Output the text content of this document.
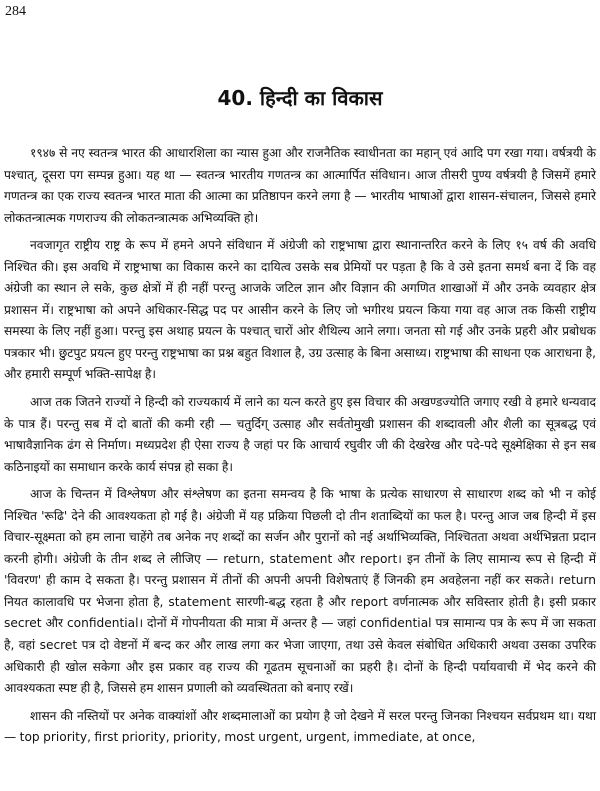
284
40. हिन्दी का विकास

१९४७ से नए स्वतन्त्र भारत की आधारशिला का न्यास हुआ और राजनैतिक स्वाधीनता का महान् एवं आदि पग रखा गया। वर्षत्रयी के पश्चात्, दूसरा पग सम्पन्न हुआ। यह था — स्वतन्त्र भारतीय गणतन्त्र का आत्मार्पित संविधान। आज तीसरी पुण्य वर्षत्रयी है जिसमें हमारे गणतन्त्र का एक राज्य स्वतन्त्र भारत माता की आत्मा का प्रतिष्ठापन करने लगा है — भारतीय भाषाओं द्वारा शासन-संचालन, जिससे हमारे लोकतन्त्रात्मक गणराज्य की लोकतन्त्रात्मक अभिव्यक्ति हो।

नवजागृत राष्ट्रीय राष्ट्र के रूप में हमने अपने संविधान में अंग्रेजी को राष्ट्रभाषा द्वारा स्थानान्तरित करने के लिए १५ वर्ष की अवधि निश्चित की। इस अवधि में राष्ट्रभाषा का विकास करने का दायित्व उसके सब प्रेमियों पर पड़ता है कि वे उसे इतना समर्थ बना दें कि वह अंग्रेजी का स्थान ले सके, कुछ क्षेत्रों में ही नहीं परन्तु आजके जटिल ज्ञान और विज्ञान की अगणित शाखाओं में और उनके व्यवहार क्षेत्र प्रशासन में। राष्ट्रभाषा को अपने अधिकार-सिद्ध पद पर आसीन करने के लिए जो भगीरथ प्रयत्न किया गया वह आज तक किसी राष्ट्रीय समस्या के लिए नहीं हुआ। परन्तु इस अथाह प्रयत्न के पश्चात् चारों ओर शैथिल्य आने लगा। जनता सो गई और उनके प्रहरी और प्रबोधक पत्रकार भी। छुटपुट प्रयत्न हुए परन्तु राष्ट्रभाषा का प्रश्न बहुत विशाल है, उग्र उत्साह के बिना असाध्य। राष्ट्रभाषा की साधना एक आराधना है, और हमारी सम्पूर्ण भक्ति-सापेक्ष है।

आज तक जितने राज्यों ने हिन्दी को राज्यकार्य में लाने का यत्न करते हुए इस विचार की अखण्डज्योति जगाए रखी वे हमारे धन्यवाद के पात्र हैं। परन्तु सब में दो बातों की कमी रही — चतुर्दिग् उत्साह और सर्वतोमुखी प्रशासन की शब्दावली और शैली का सूत्रबद्ध एवं भाषावैज्ञानिक ढंग से निर्माण। मध्यप्रदेश ही ऐसा राज्य है जहां पर कि आचार्य रघुवीर जी की देखरेख और पदे-पदे सूक्ष्मेक्षिका से इन सब कठिनाइयों का समाधान करके कार्य संपन्न हो सका है।

आज के चिन्तन में विश्लेषण और संश्लेषण का इतना समन्वय है कि भाषा के प्रत्येक साधारण से साधारण शब्द को भी न कोई निश्चित 'रूढि' देने की आवश्यकता हो गई है। अंग्रेजी में यह प्रक्रिया पिछली दो तीन शताब्दियों का फल है। परन्तु आज जब हिन्दी में इस विचार-सूक्ष्मता को हम लाना चाहेंगे तब अनेक नए शब्दों का सर्जन और पुरानों को नई अर्थाभिव्यक्ति, निश्चितता अथवा अर्थभिन्नता प्रदान करनी होगी। अंग्रेजी के तीन शब्द ले लीजिए — return, statement और report। इन तीनों के लिए सामान्य रूप से हिन्दी में 'विवरण' ही काम दे सकता है। परन्तु प्रशासन में तीनों की अपनी अपनी विशेषताएं हैं जिनकी हम अवहेलना नहीं कर सकते। return नियत कालावधि पर भेजना होता है, statement सारणी-बद्ध रहता है और report वर्णनात्मक और सविस्तार होती है। इसी प्रकार secret और confidential। दोनों में गोपनीयता की मात्रा में अन्तर है — जहां confidential पत्र सामान्य पत्र के रूप में जा सकता है, वहां secret पत्र दो वेष्टनों में बन्द कर और लाख लगा कर भेजा जाएगा, तथा उसे केवल संबोधित अधिकारी अथवा उसका उपरिक अधिकारी ही खोल सकेगा और इस प्रकार वह राज्य की गूढतम सूचनाओं का प्रहरी है। दोनों के हिन्दी पर्यायवाची में भेद करने की आवश्यकता स्पष्ट ही है, जिससे हम शासन प्रणाली को व्यवस्थितता को बनाए रखें।

शासन की नस्तियों पर अनेक वाक्यांशों और शब्दमालाओं का प्रयोग है जो देखने में सरल परन्तु जिनका निश्चयन सर्वप्रथम था। यथा — top priority, first priority, priority, most urgent, urgent, immediate, at once,
